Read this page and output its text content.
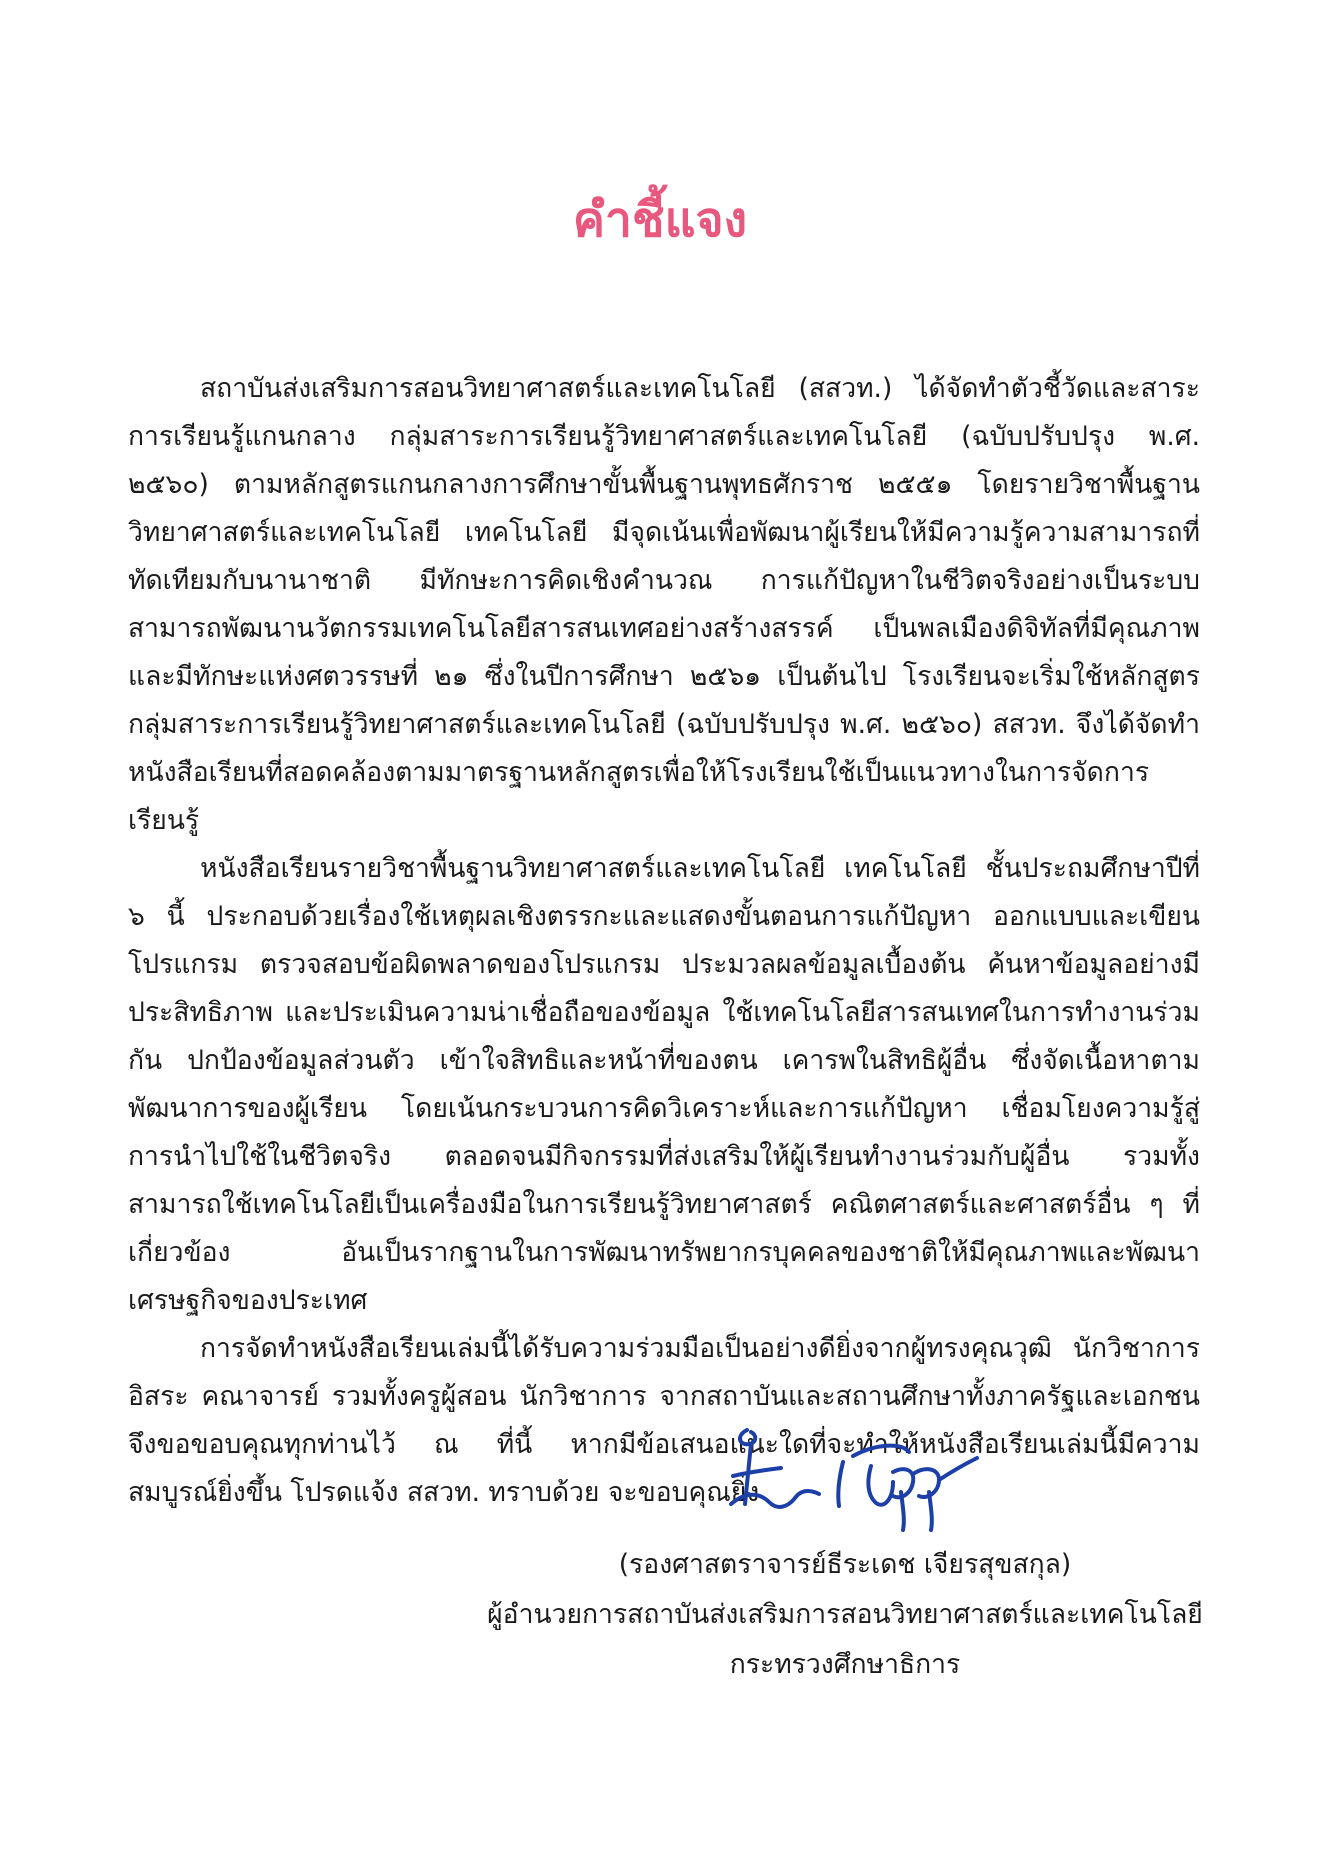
คำชี้แจง

สถาบันส่งเสริมการสอนวิทยาศาสตร์และเทคโนโลยี (สสวท.) ได้จัดทำตัวชี้วัดและสาระการเรียนรู้แกนกลาง กลุ่มสาระการเรียนรู้วิทยาศาสตร์และเทคโนโลยี (ฉบับปรับปรุง พ.ศ. ๒๕๖๐) ตามหลักสูตรแกนกลางการศึกษาขั้นพื้นฐานพุทธศักราช ๒๕๕๑ โดยรายวิชาพื้นฐานวิทยาศาสตร์และเทคโนโลยี เทคโนโลยี มีจุดเน้นเพื่อพัฒนาผู้เรียนให้มีความรู้ความสามารถที่ทัดเทียมกับนานาชาติ มีทักษะการคิดเชิงคำนวณ การแก้ปัญหาในชีวิตจริงอย่างเป็นระบบ สามารถพัฒนานวัตกรรมเทคโนโลยีสารสนเทศอย่างสร้างสรรค์ เป็นพลเมืองดิจิทัลที่มีคุณภาพและมีทักษะแห่งศตวรรษที่ ๒๑ ซึ่งในปีการศึกษา ๒๕๖๑ เป็นต้นไป โรงเรียนจะเริ่มใช้หลักสูตรกลุ่มสาระการเรียนรู้วิทยาศาสตร์และเทคโนโลยี (ฉบับปรับปรุง พ.ศ. ๒๕๖๐) สสวท. จึงได้จัดทำหนังสือเรียนที่สอดคล้องตามมาตรฐานหลักสูตรเพื่อให้โรงเรียนใช้เป็นแนวทางในการจัดการเรียนรู้

หนังสือเรียนรายวิชาพื้นฐานวิทยาศาสตร์และเทคโนโลยี เทคโนโลยี ชั้นประถมศึกษาปีที่ ๖ นี้ ประกอบด้วยเรื่องใช้เหตุผลเชิงตรรกะและแสดงขั้นตอนการแก้ปัญหา ออกแบบและเขียนโปรแกรม ตรวจสอบข้อผิดพลาดของโปรแกรม ประมวลผลข้อมูลเบื้องต้น ค้นหาข้อมูลอย่างมีประสิทธิภาพ และประเมินความน่าเชื่อถือของข้อมูล ใช้เทคโนโลยีสารสนเทศในการทำงานร่วมกัน ปกป้องข้อมูลส่วนตัว เข้าใจสิทธิและหน้าที่ของตน เคารพในสิทธิผู้อื่น ซึ่งจัดเนื้อหาตามพัฒนาการของผู้เรียน โดยเน้นกระบวนการคิดวิเคราะห์และการแก้ปัญหา เชื่อมโยงความรู้สู่การนำไปใช้ในชีวิตจริง ตลอดจนมีกิจกรรมที่ส่งเสริมให้ผู้เรียนทำงานร่วมกับผู้อื่น รวมทั้งสามารถใช้เทคโนโลยีเป็นเครื่องมือในการเรียนรู้วิทยาศาสตร์ คณิตศาสตร์และศาสตร์อื่น ๆ ที่เกี่ยวข้อง อันเป็นรากฐานในการพัฒนาทรัพยากรบุคคลของชาติให้มีคุณภาพและพัฒนาเศรษฐกิจของประเทศ

การจัดทำหนังสือเรียนเล่มนี้ได้รับความร่วมมือเป็นอย่างดียิ่งจากผู้ทรงคุณวุฒิ นักวิชาการอิสระ คณาจารย์ รวมทั้งครูผู้สอน นักวิชาการ จากสถาบันและสถานศึกษาทั้งภาครัฐและเอกชน จึงขอขอบคุณทุกท่านไว้ ณ ที่นี้ หากมีข้อเสนอแนะใดที่จะทำให้หนังสือเรียนเล่มนี้มีความสมบูรณ์ยิ่งขึ้น โปรดแจ้ง สสวท. ทราบด้วย จะขอบคุณยิ่ง

(รองศาสตราจารย์ธีระเดช เจียรสุขสกุล)
ผู้อำนวยการสถาบันส่งเสริมการสอนวิทยาศาสตร์และเทคโนโลยี
กระทรวงศึกษาธิการ
